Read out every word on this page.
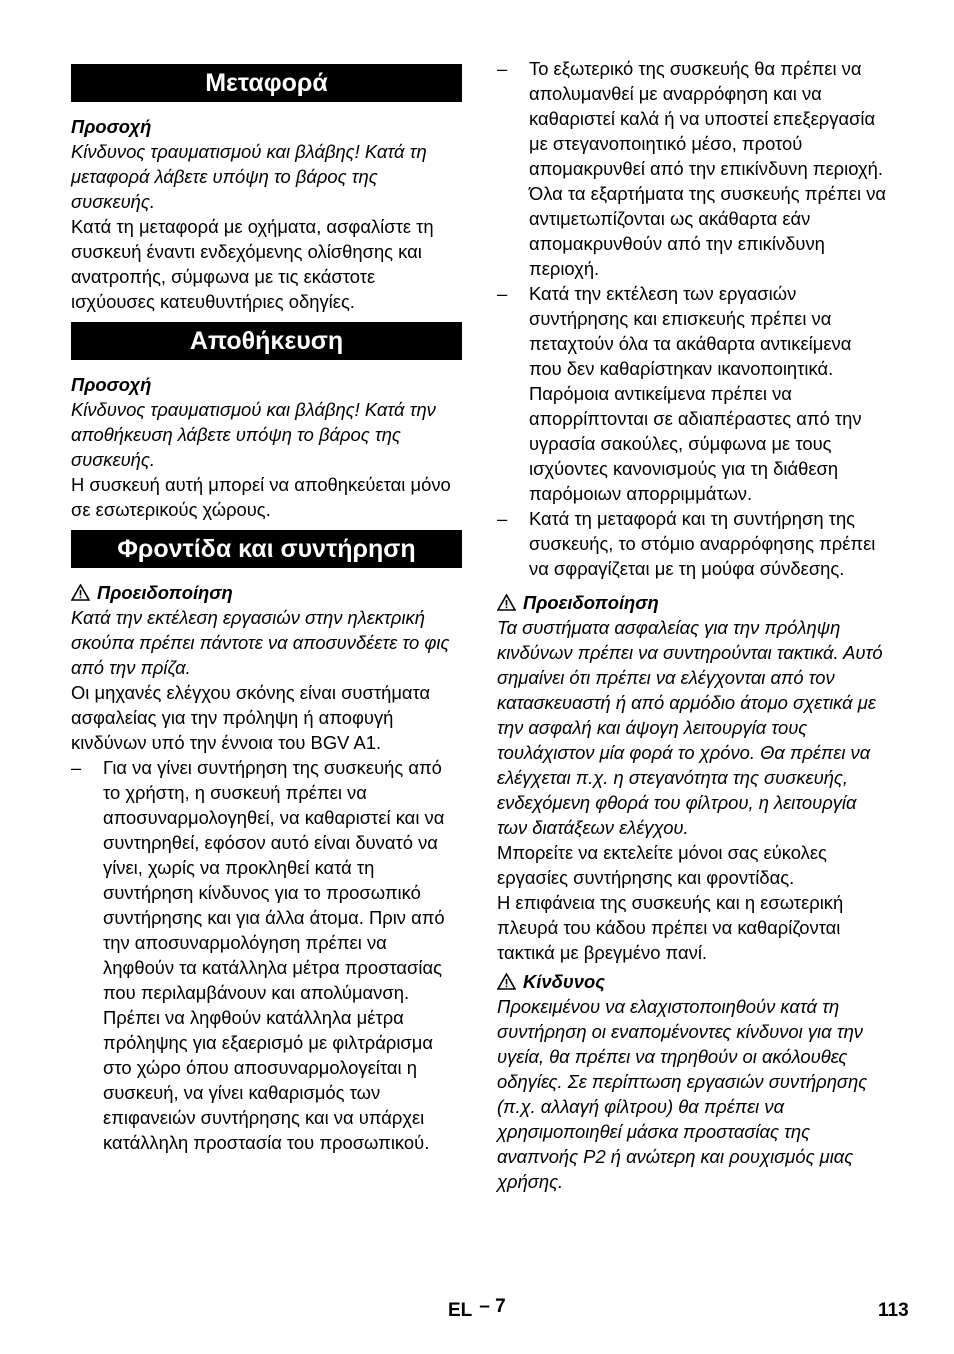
Μεταφορά

Προσοχή

Κίνδυνος τραυματισμού και βλάβης! Κατά τη μεταφορά λάβετε υπόψη το βάρος της συσκευής.

Κατά τη μεταφορά με οχήματα, ασφαλίστε τη συσκευή έναντι ενδεχόμενης ολίσθησης και ανατροπής, σύμφωνα με τις εκάστοτε ισχύουσες κατευθυντήριες οδηγίες.

Αποθήκευση

Προσοχή

Κίνδυνος τραυματισμού και βλάβης! Κατά την αποθήκευση λάβετε υπόψη το βάρος της συσκευής.

Η συσκευή αυτή μπορεί να αποθηκεύεται μόνο σε εσωτερικούς χώρους.

Φροντίδα και συντήρηση
Προειδοποίηση

Κατά την εκτέλεση εργασιών στην ηλεκτρική σκούπα πρέπει πάντοτε να αποσυνδέετε το φις από την πρίζα.

Οι μηχανές ελέγχου σκόνης είναι συστήματα ασφαλείας για την πρόληψη ή αποφυγή κινδύνων υπό την έννοια του BGV A1.

– Για να γίνει συντήρηση της συσκευής από το χρήστη, η συσκευή πρέπει να αποσυναρμολογηθεί, να καθαριστεί και να συντηρηθεί, εφόσον αυτό είναι δυνατό να γίνει, χωρίς να προκληθεί κατά τη συντήρηση κίνδυνος για το προσωπικό συντήρησης και για άλλα άτομα. Πριν από την αποσυναρμολόγηση πρέπει να ληφθούν τα κατάλληλα μέτρα προστασίας που περιλαμβάνουν και απολύμανση. Πρέπει να ληφθούν κατάλληλα μέτρα πρόληψης για εξαερισμό με φιλτράρισμα στο χώρο όπου αποσυναρμολογείται η συσκευή, να γίνει καθαρισμός των επιφανειών συντήρησης και να υπάρχει κατάλληλη προστασία του προσωπικού.
– Το εξωτερικό της συσκευής θα πρέπει να απολυμανθεί με αναρρόφηση και να καθαριστεί καλά ή να υποστεί επεξεργασία με στεγανοποιητικό μέσο, προτού απομακρυνθεί από την επικίνδυνη περιοχή. Όλα τα εξαρτήματα της συσκευής πρέπει να αντιμετωπίζονται ως ακάθαρτα εάν απομακρυνθούν από την επικίνδυνη περιοχή.
– Κατά την εκτέλεση των εργασιών συντήρησης και επισκευής πρέπει να πεταχτούν όλα τα ακάθαρτα αντικείμενα που δεν καθαρίστηκαν ικανοποιητικά. Παρόμοια αντικείμενα πρέπει να απορρίπτονται σε αδιαπέραστες από την υγρασία σακούλες, σύμφωνα με τους ισχύοντες κανονισμούς για τη διάθεση παρόμοιων απορριμμάτων.
– Κατά τη μεταφορά και τη συντήρηση της συσκευής, το στόμιο αναρρόφησης πρέπει να σφραγίζεται με τη μούφα σύνδεσης.
Προειδοποίηση

Τα συστήματα ασφαλείας για την πρόληψη κινδύνων πρέπει να συντηρούνται τακτικά. Αυτό σημαίνει ότι πρέπει να ελέγχονται από τον κατασκευαστή ή από αρμόδιο άτομο σχετικά με την ασφαλή και άψογη λειτουργία τους τουλάχιστον μία φορά το χρόνο. Θα πρέπει να ελέγχεται π.χ. η στεγανότητα της συσκευής, ενδεχόμενη φθορά του φίλτρου, η λειτουργία των διατάξεων ελέγχου.

Μπορείτε να εκτελείτε μόνοι σας εύκολες εργασίες συντήρησης και φροντίδας.

Η επιφάνεια της συσκευής και η εσωτερική πλευρά του κάδου πρέπει να καθαρίζονται τακτικά με βρεγμένο πανί.

Κίνδυνος

Προκειμένου να ελαχιστοποιηθούν κατά τη συντήρηση οι εναπομένοντες κίνδυνοι για την υγεία, θα πρέπει να τηρηθούν οι ακόλουθες οδηγίες. Σε περίπτωση εργασιών συντήρησης (π.χ. αλλαγή φίλτρου) θα πρέπει να χρησιμοποιηθεί μάσκα προστασίας της αναπνοής P2 ή ανώτερη και ρουχισμός μιας χρήσης.

EL – 7	113
